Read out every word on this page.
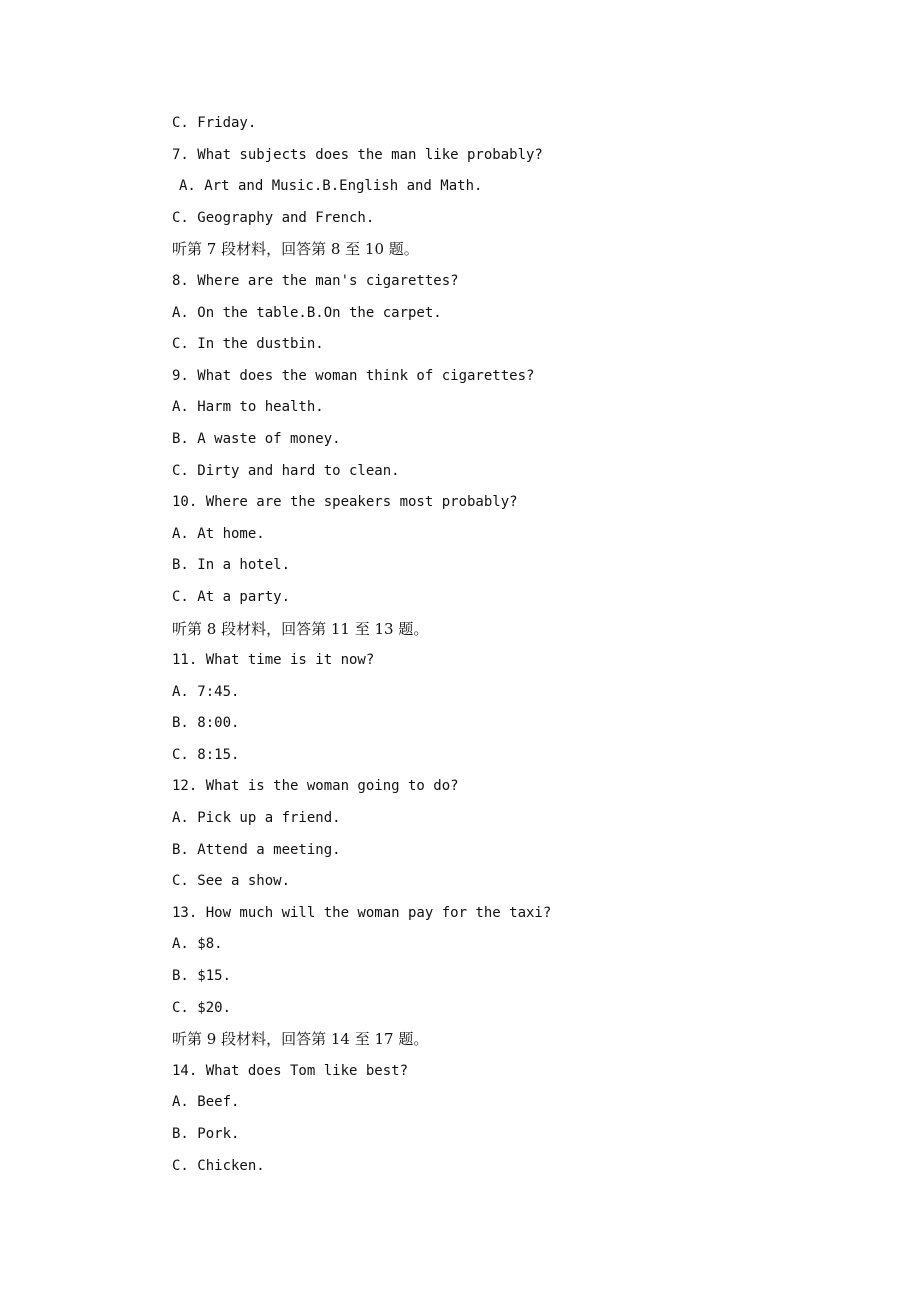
C. Friday.
7. What subjects does the man like probably?
A. Art and Music.B.English and Math.
C. Geography and French.
听第 7 段材料，回答第 8 至 10 题。
8. Where are the man's cigarettes?
A. On the table.B.On the carpet.
C. In the dustbin.
9. What does the woman think of cigarettes?
A. Harm to health.
B. A waste of money.
C. Dirty and hard to clean.
10. Where are the speakers most probably?
A. At home.
B. In a hotel.
C. At a party.
听第 8 段材料，回答第 11 至 13 题。
11. What time is it now?
A. 7:45.
B. 8:00.
C. 8:15.
12. What is the woman going to do?
A. Pick up a friend.
B. Attend a meeting.
C. See a show.
13. How much will the woman pay for the taxi?
A. $8.
B. $15.
C. $20.
听第 9 段材料，回答第 14 至 17 题。
14. What does Tom like best?
A. Beef.
B. Pork.
C. Chicken.
